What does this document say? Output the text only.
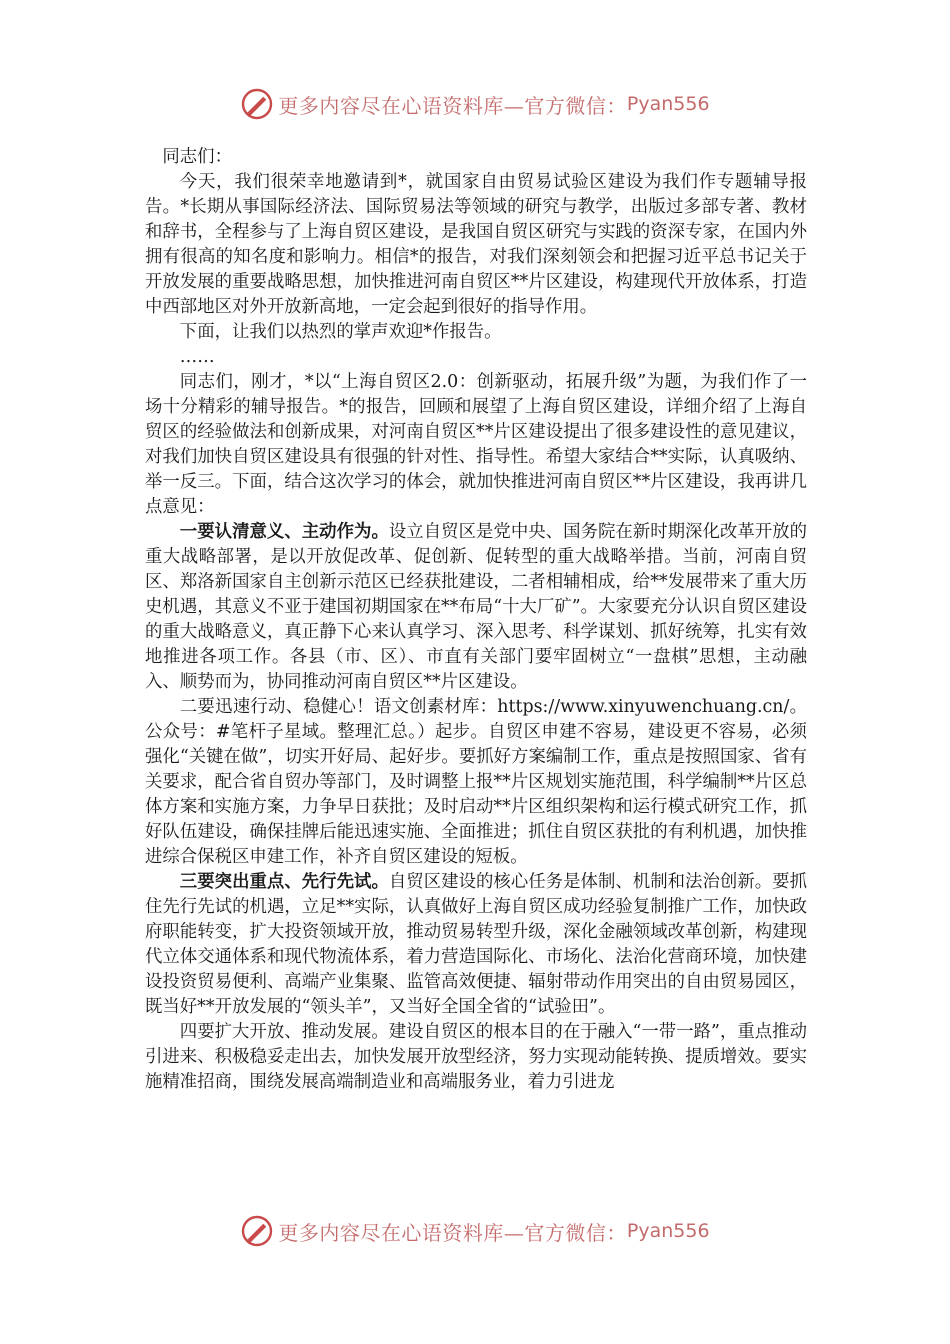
更多内容尽在心语资料库—官方微信： Pyan556

同志们：

今天，我们很荣幸地邀请到*，就国家自由贸易试验区建设为我们作专题辅导报告。*长期从事国际经济法、国际贸易法等领域的研究与教学，出版过多部专著、教材和辞书，全程参与了上海自贸区建设，是我国自贸区研究与实践的资深专家，在国内外拥有很高的知名度和影响力。相信*的报告，对我们深刻领会和把握习近平总书记关于开放发展的重要战略思想，加快推进河南自贸区**片区建设，构建现代开放体系，打造中西部地区对外开放新高地，一定会起到很好的指导作用。

下面，让我们以热烈的掌声欢迎*作报告。

……

同志们，刚才，*以“上海自贸区2.0：创新驱动，拓展升级”为题，为我们作了一场十分精彩的辅导报告。*的报告，回顾和展望了上海自贸区建设，详细介绍了上海自贸区的经验做法和创新成果，对河南自贸区**片区建设提出了很多建设性的意见建议，对我们加快自贸区建设具有很强的针对性、指导性。希望大家结合**实际，认真吸纳、举一反三。下面，结合这次学习的体会，就加快推进河南自贸区**片区建设，我再讲几点意见：

一要认清意义、主动作为。设立自贸区是党中央、国务院在新时期深化改革开放的重大战略部署，是以开放促改革、促创新、促转型的重大战略举措。当前，河南自贸区、郑洛新国家自主创新示范区已经获批建设，二者相辅相成，给**发展带来了重大历史机遇，其意义不亚于建国初期国家在**布局“十大厂矿”。大家要充分认识自贸区建设的重大战略意义，真正静下心来认真学习、深入思考、科学谋划、抓好统筹，扎实有效地推进各项工作。各县（市、区）、市直有关部门要牢固树立“一盘棋”思想，主动融入、顺势而为，协同推动河南自贸区**片区建设。

二要迅速行动、稳健心！语文创素材库：https://www.xinyuwenchuang.cn/。公众号：#笔杆子星域。整理汇总。）起步。自贸区申建不容易，建设更不容易，必须强化“关键在做”，切实开好局、起好步。要抓好方案编制工作，重点是按照国家、省有关要求，配合省自贸办等部门，及时调整上报**片区规划实施范围，科学编制**片区总体方案和实施方案，力争早日获批；及时启动**片区组织架构和运行模式研究工作，抓好队伍建设，确保挂牌后能迅速实施、全面推进；抓住自贸区获批的有利机遇，加快推进综合保税区申建工作，补齐自贸区建设的短板。

三要突出重点、先行先试。自贸区建设的核心任务是体制、机制和法治创新。要抓住先行先试的机遇，立足**实际，认真做好上海自贸区成功经验复制推广工作，加快政府职能转变，扩大投资领域开放，推动贸易转型升级，深化金融领域改革创新，构建现代立体交通体系和现代物流体系，着力营造国际化、市场化、法治化营商环境，加快建设投资贸易便利、高端产业集聚、监管高效便捷、辐射带动作用突出的自由贸易园区，既当好**开放发展的“领头羊”，又当好全国全省的“试验田”。

四要扩大开放、推动发展。建设自贸区的根本目的在于融入“一带一路”，重点推动引进来、积极稳妥走出去，加快发展开放型经济，努力实现动能转换、提质增效。要实施精准招商，围绕发展高端制造业和高端服务业，着力引进龙

更多内容尽在心语资料库—官方微信： Pyan556
